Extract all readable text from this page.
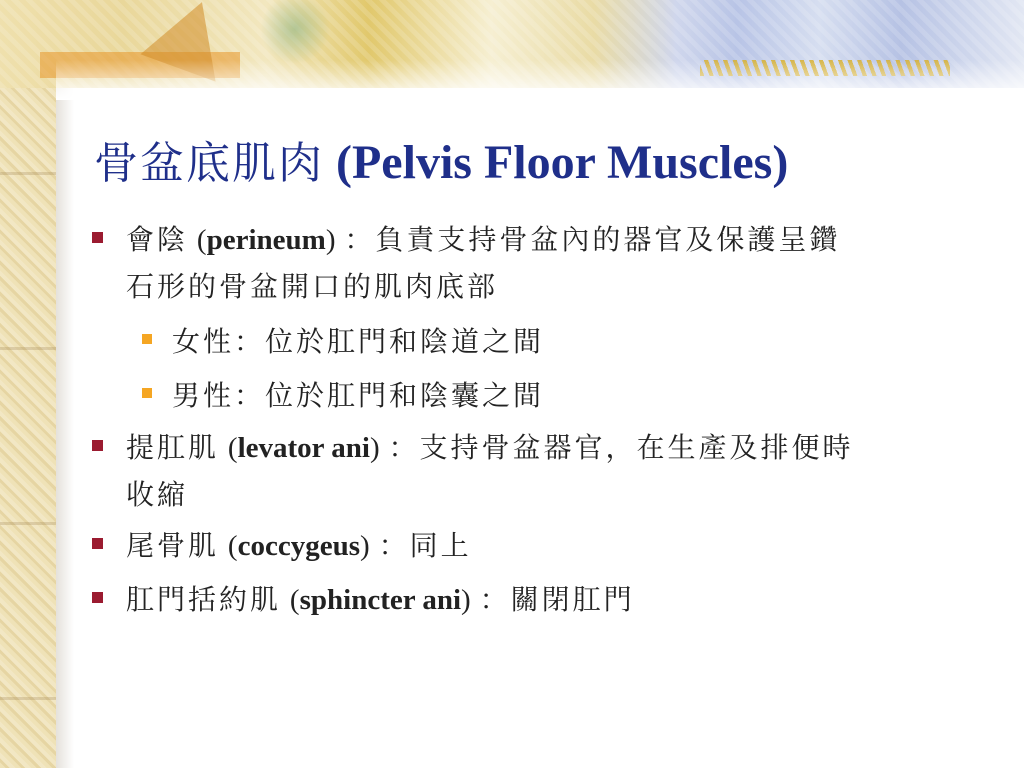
骨盆底肌肉 (Pelvis Floor Muscles)
會陰 (perineum) ：負責支持骨盆內的器官及保護呈鑽
石形的骨盆開口的肌肉底部
女性：位於肛門和陰道之間
男性：位於肛門和陰囊之間
提肛肌 (levator ani) ：支持骨盆器官，在生產及排便時
收縮
尾骨肌 (coccygeus) ：同上
肛門括約肌 (sphincter ani) ：關閉肛門
